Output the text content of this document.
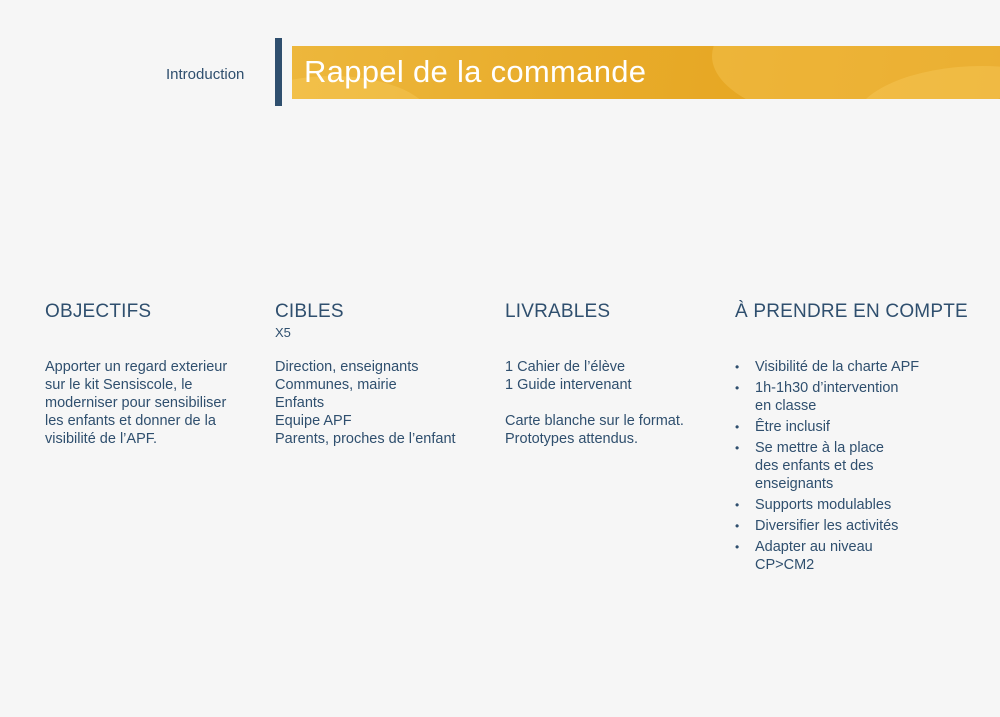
Introduction Rappel de la commande
OBJECTIFS
Apporter un regard exterieur
sur le kit Sensiscole, le
moderniser pour sensibiliser
les enfants et donner de la
visibilité de l’APF.
CIBLES
X5
Direction, enseignants
Communes, mairie
Enfants
Equipe APF
Parents, proches de l’enfant
LIVRABLES
1 Cahier de l’élève
1 Guide intervenant
Carte blanche sur le format.
Prototypes attendus.
À PRENDRE EN COMPTE
• Visibilité de la charte APF
• 1h-1h30 d’intervention
en classe
• Être inclusif
• Se mettre à la place
des enfants et des
enseignants
• Supports modulables
• Diversifier les activités
• Adapter au niveau
CP>CM2
